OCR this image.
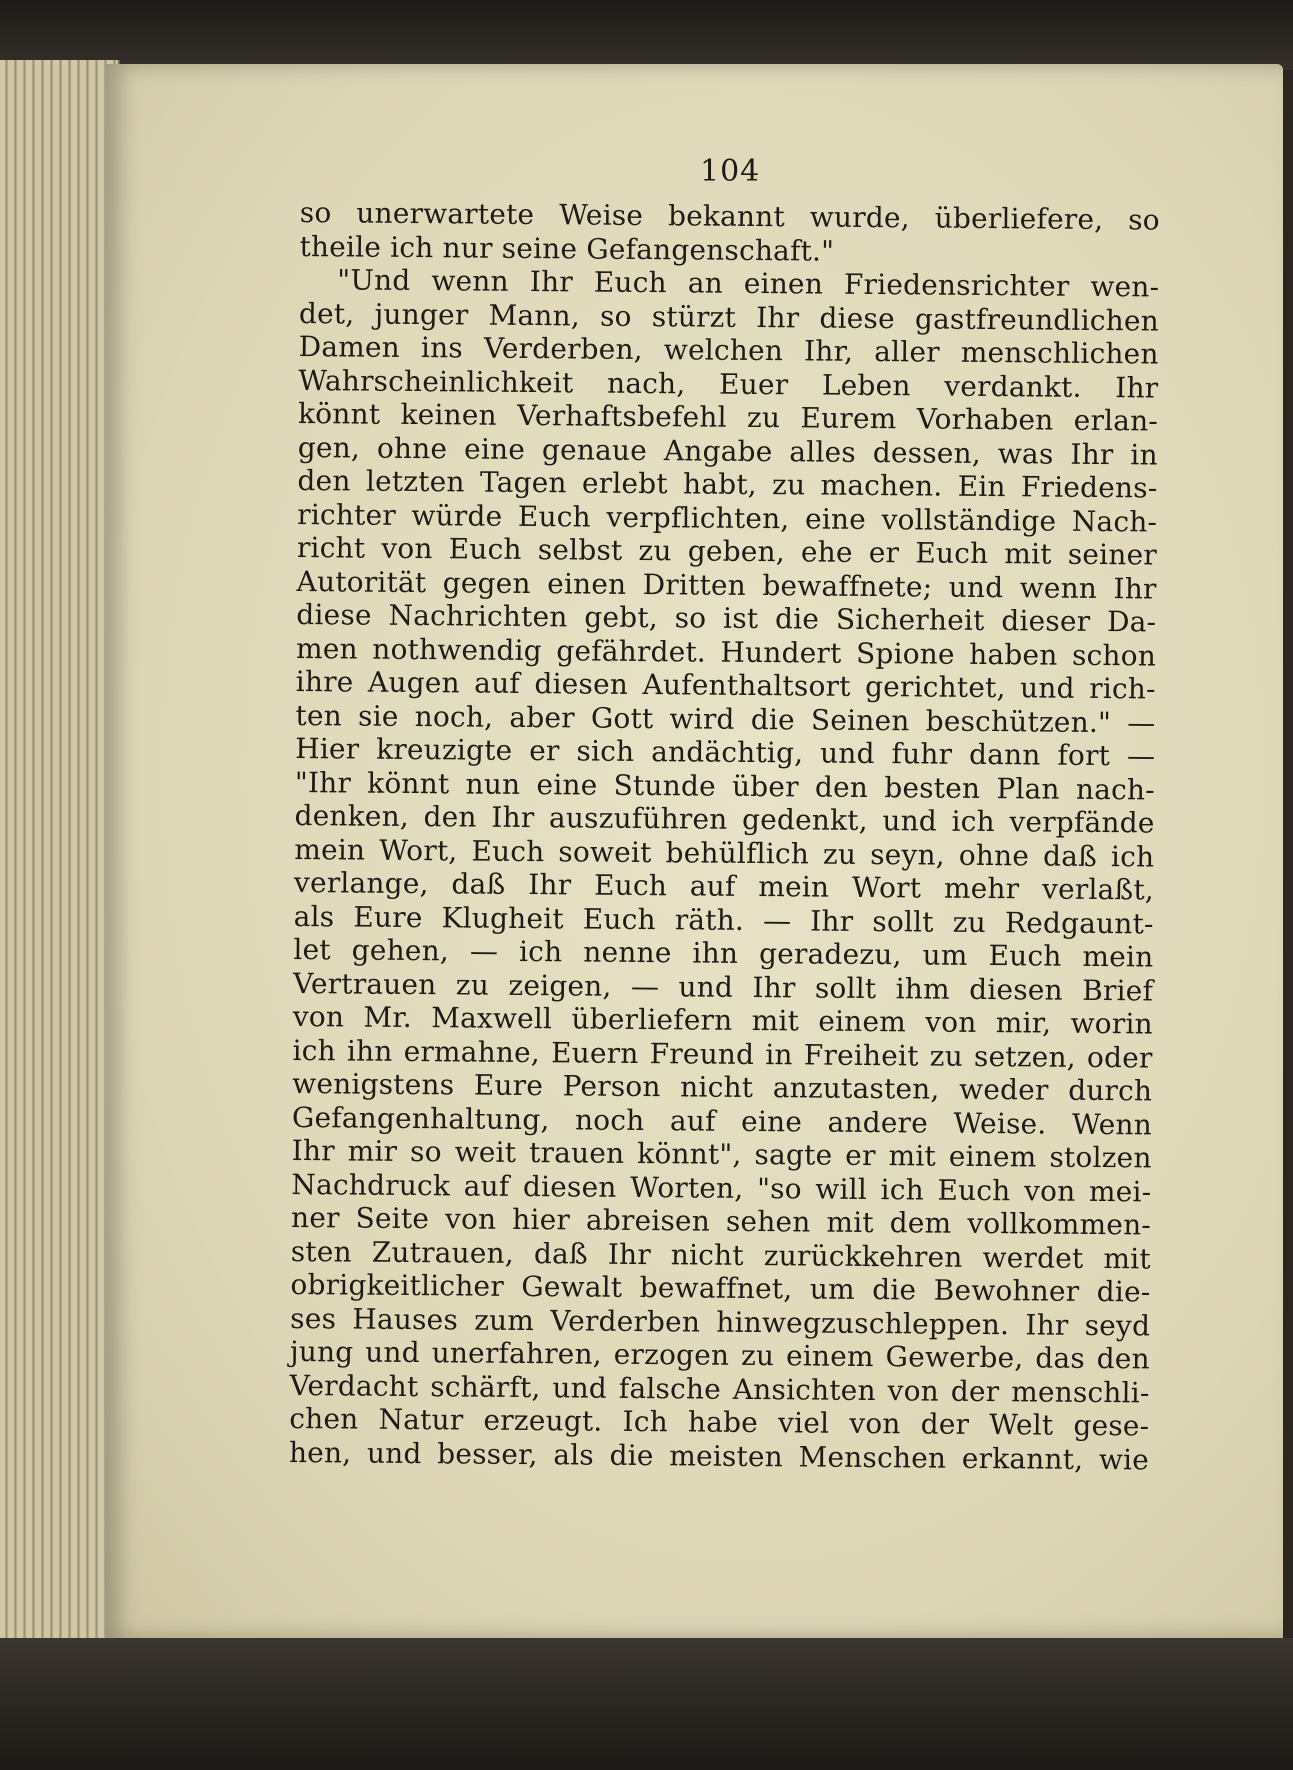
104
so unerwartete Weise bekannt wurde, überliefere, so
theile ich nur seine Gefangenschaft."
"Und wenn Ihr Euch an einen Friedensrichter wen-
det, junger Mann, so stürzt Ihr diese gastfreundlichen
Damen ins Verderben, welchen Ihr, aller menschlichen
Wahrscheinlichkeit nach, Euer Leben verdankt. Ihr
könnt keinen Verhaftsbefehl zu Eurem Vorhaben erlan-
gen, ohne eine genaue Angabe alles dessen, was Ihr in
den letzten Tagen erlebt habt, zu machen. Ein Friedens-
richter würde Euch verpflichten, eine vollständige Nach-
richt von Euch selbst zu geben, ehe er Euch mit seiner
Autorität gegen einen Dritten bewaffnete; und wenn Ihr
diese Nachrichten gebt, so ist die Sicherheit dieser Da-
men nothwendig gefährdet. Hundert Spione haben schon
ihre Augen auf diesen Aufenthaltsort gerichtet, und rich-
ten sie noch, aber Gott wird die Seinen beschützen." —
Hier kreuzigte er sich andächtig, und fuhr dann fort —
"Ihr könnt nun eine Stunde über den besten Plan nach-
denken, den Ihr auszuführen gedenkt, und ich verpfände
mein Wort, Euch soweit behülflich zu seyn, ohne daß ich
verlange, daß Ihr Euch auf mein Wort mehr verlaßt,
als Eure Klugheit Euch räth. — Ihr sollt zu Redgaunt-
let gehen, — ich nenne ihn geradezu, um Euch mein
Vertrauen zu zeigen, — und Ihr sollt ihm diesen Brief
von Mr. Maxwell überliefern mit einem von mir, worin
ich ihn ermahne, Euern Freund in Freiheit zu setzen, oder
wenigstens Eure Person nicht anzutasten, weder durch
Gefangenhaltung, noch auf eine andere Weise. Wenn
Ihr mir so weit trauen könnt", sagte er mit einem stolzen
Nachdruck auf diesen Worten, "so will ich Euch von mei-
ner Seite von hier abreisen sehen mit dem vollkommen-
sten Zutrauen, daß Ihr nicht zurückkehren werdet mit
obrigkeitlicher Gewalt bewaffnet, um die Bewohner die-
ses Hauses zum Verderben hinwegzuschleppen. Ihr seyd
jung und unerfahren, erzogen zu einem Gewerbe, das den
Verdacht schärft, und falsche Ansichten von der menschli-
chen Natur erzeugt. Ich habe viel von der Welt gese-
hen, und besser, als die meisten Menschen erkannt, wie
